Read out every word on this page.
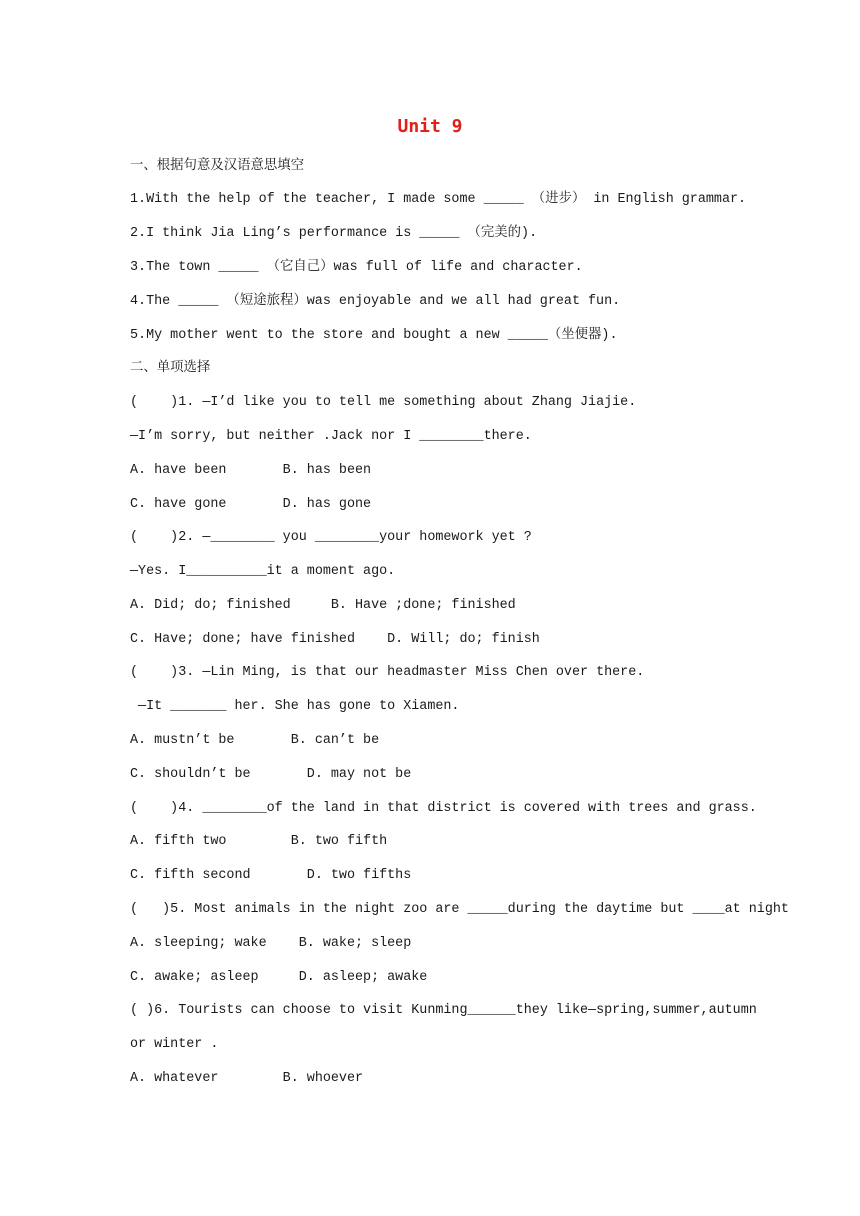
Unit 9
一、根据句意及汉语意思填空
1.With the help of the teacher, I made some _____ （进步） in English grammar.
2.I think Jia Ling’s performance is _____ （完美的).
3.The town _____ （它自己）was full of life and character.
4.The _____ （短途旅程）was enjoyable and we all had great fun.
5.My mother went to the store and bought a new _____（坐便器).
二、单项选择
(    )1. —I’d like you to tell me something about Zhang Jiajie.
—I’m sorry, but neither .Jack nor I ________there.
A. have been       B. has been
C. have gone       D. has gone
(    )2. —________ you ________your homework yet ?
—Yes. I__________it a moment ago.
A. Did; do; finished     B. Have ;done; finished
C. Have; done; have finished    D. Will; do; finish
(    )3. —Lin Ming, is that our headmaster Miss Chen over there.
—It _______ her. She has gone to Xiamen.
A. mustn’t be       B. can’t be
C. shouldn’t be       D. may not be
(    )4. ________of the land in that district is covered with trees and grass.
A. fifth two        B. two fifth
C. fifth second       D. two fifths
(   )5. Most animals in the night zoo are _____during the daytime but ____at night
A. sleeping; wake    B. wake; sleep
C. awake; asleep     D. asleep; awake
( )6. Tourists can choose to visit Kunming______they like—spring,summer,autumn
or winter .
A. whatever        B. whoever
